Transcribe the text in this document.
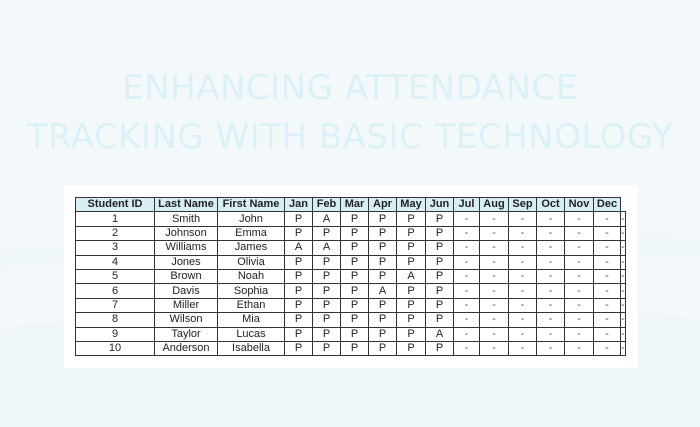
ENHANCING ATTENDANCE
TRACKING WITH BASIC TECHNOLOGY
Student ID	Last Name	First Name	Jan	Feb	Mar	Apr	May	Jun	Jul	Aug	Sep	Oct	Nov	Dec	
1	Smith	John	P	A	P	P	P	P	-	-	-	-	-	-	-
2	Johnson	Emma	P	P	P	P	P	P	-	-	-	-	-	-	-
3	Williams	James	A	A	P	P	P	P	-	-	-	-	-	-	-
4	Jones	Olivia	P	P	P	P	P	P	-	-	-	-	-	-	-
5	Brown	Noah	P	P	P	P	A	P	-	-	-	-	-	-	-
6	Davis	Sophia	P	P	P	A	P	P	-	-	-	-	-	-	-
7	Miller	Ethan	P	P	P	P	P	P	-	-	-	-	-	-	-
8	Wilson	Mia	P	P	P	P	P	P	-	-	-	-	-	-	-
9	Taylor	Lucas	P	P	P	P	P	A	-	-	-	-	-	-	-
10	Anderson	Isabella	P	P	P	P	P	P	-	-	-	-	-	-	-
